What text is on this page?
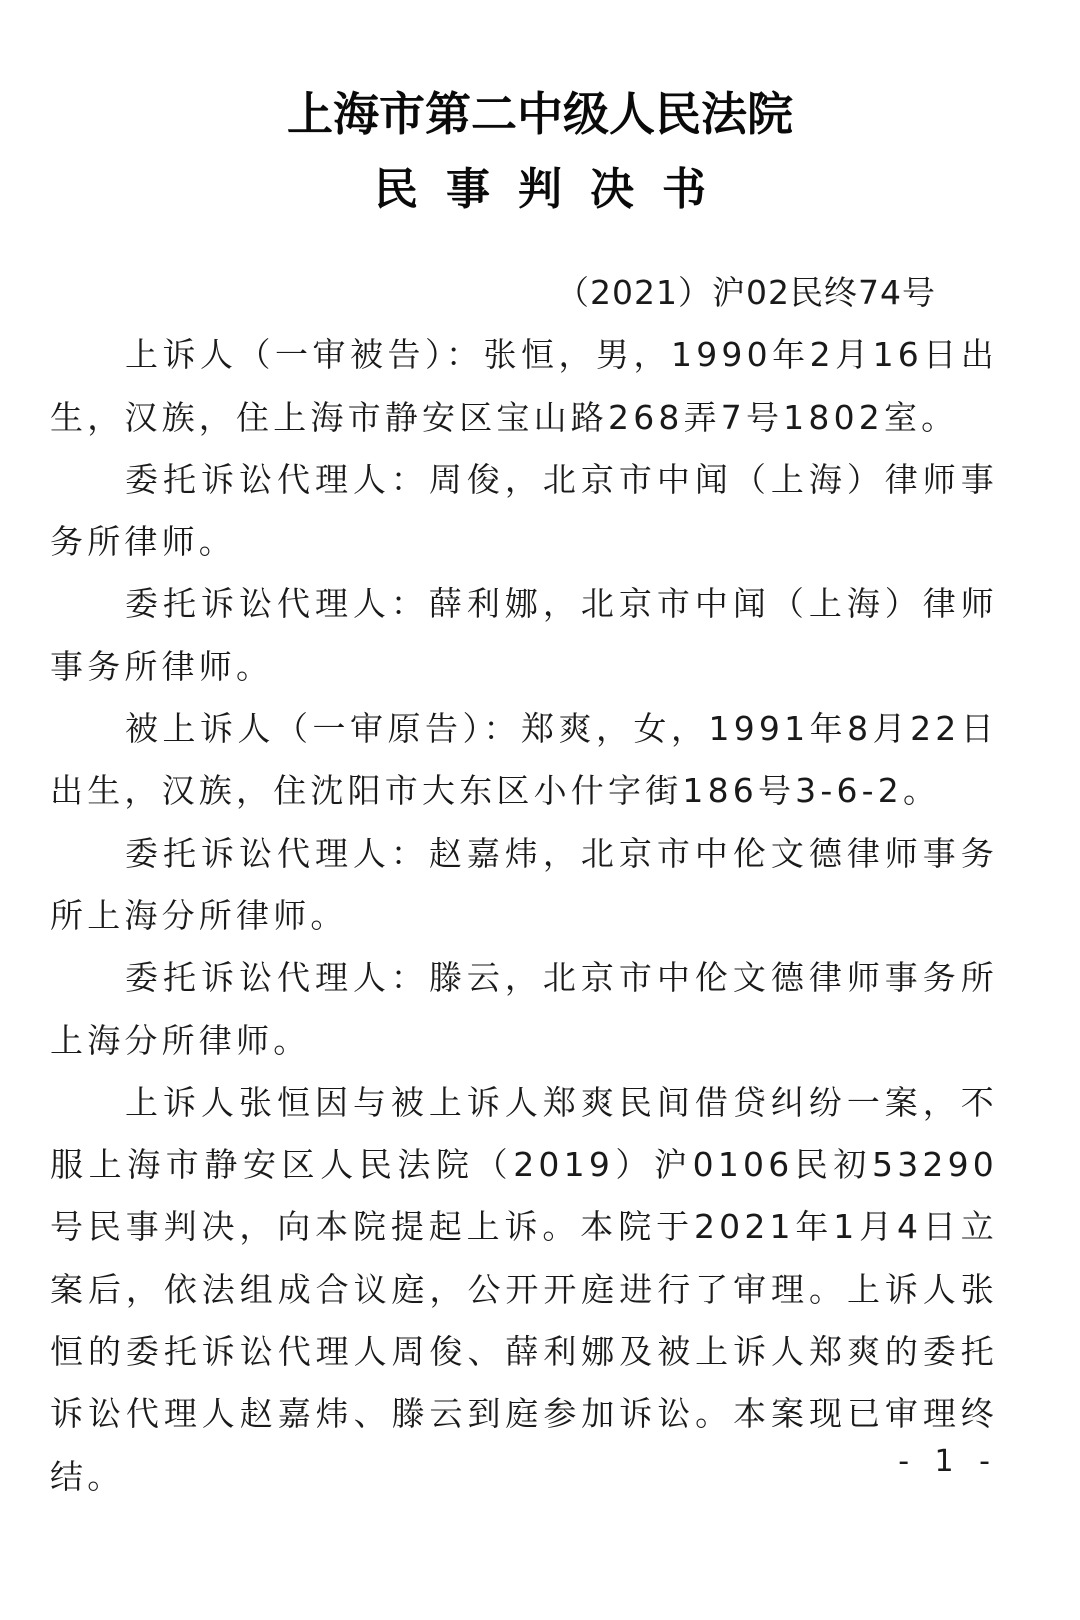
上海市第二中级人民法院
民事判决书

（2021）沪02民终74号

上诉人（一审被告）：张恒，男，1990年2月16日出生，汉族，住上海市静安区宝山路268弄7号1802室。

委托诉讼代理人：周俊，北京市中闻（上海）律师事务所律师。

委托诉讼代理人：薛利娜，北京市中闻（上海）律师事务所律师。

被上诉人（一审原告）：郑爽，女，1991年8月22日出生，汉族，住沈阳市大东区小什字街186号3-6-2。

委托诉讼代理人：赵嘉炜，北京市中伦文德律师事务所上海分所律师。

委托诉讼代理人：滕云，北京市中伦文德律师事务所上海分所律师。

上诉人张恒因与被上诉人郑爽民间借贷纠纷一案，不服上海市静安区人民法院（2019）沪0106民初53290号民事判决，向本院提起上诉。本院于2021年1月4日立案后，依法组成合议庭，公开开庭进行了审理。上诉人张恒的委托诉讼代理人周俊、薛利娜及被上诉人郑爽的委托诉讼代理人赵嘉炜、滕云到庭参加诉讼。本案现已审理终结。	- 1 -
